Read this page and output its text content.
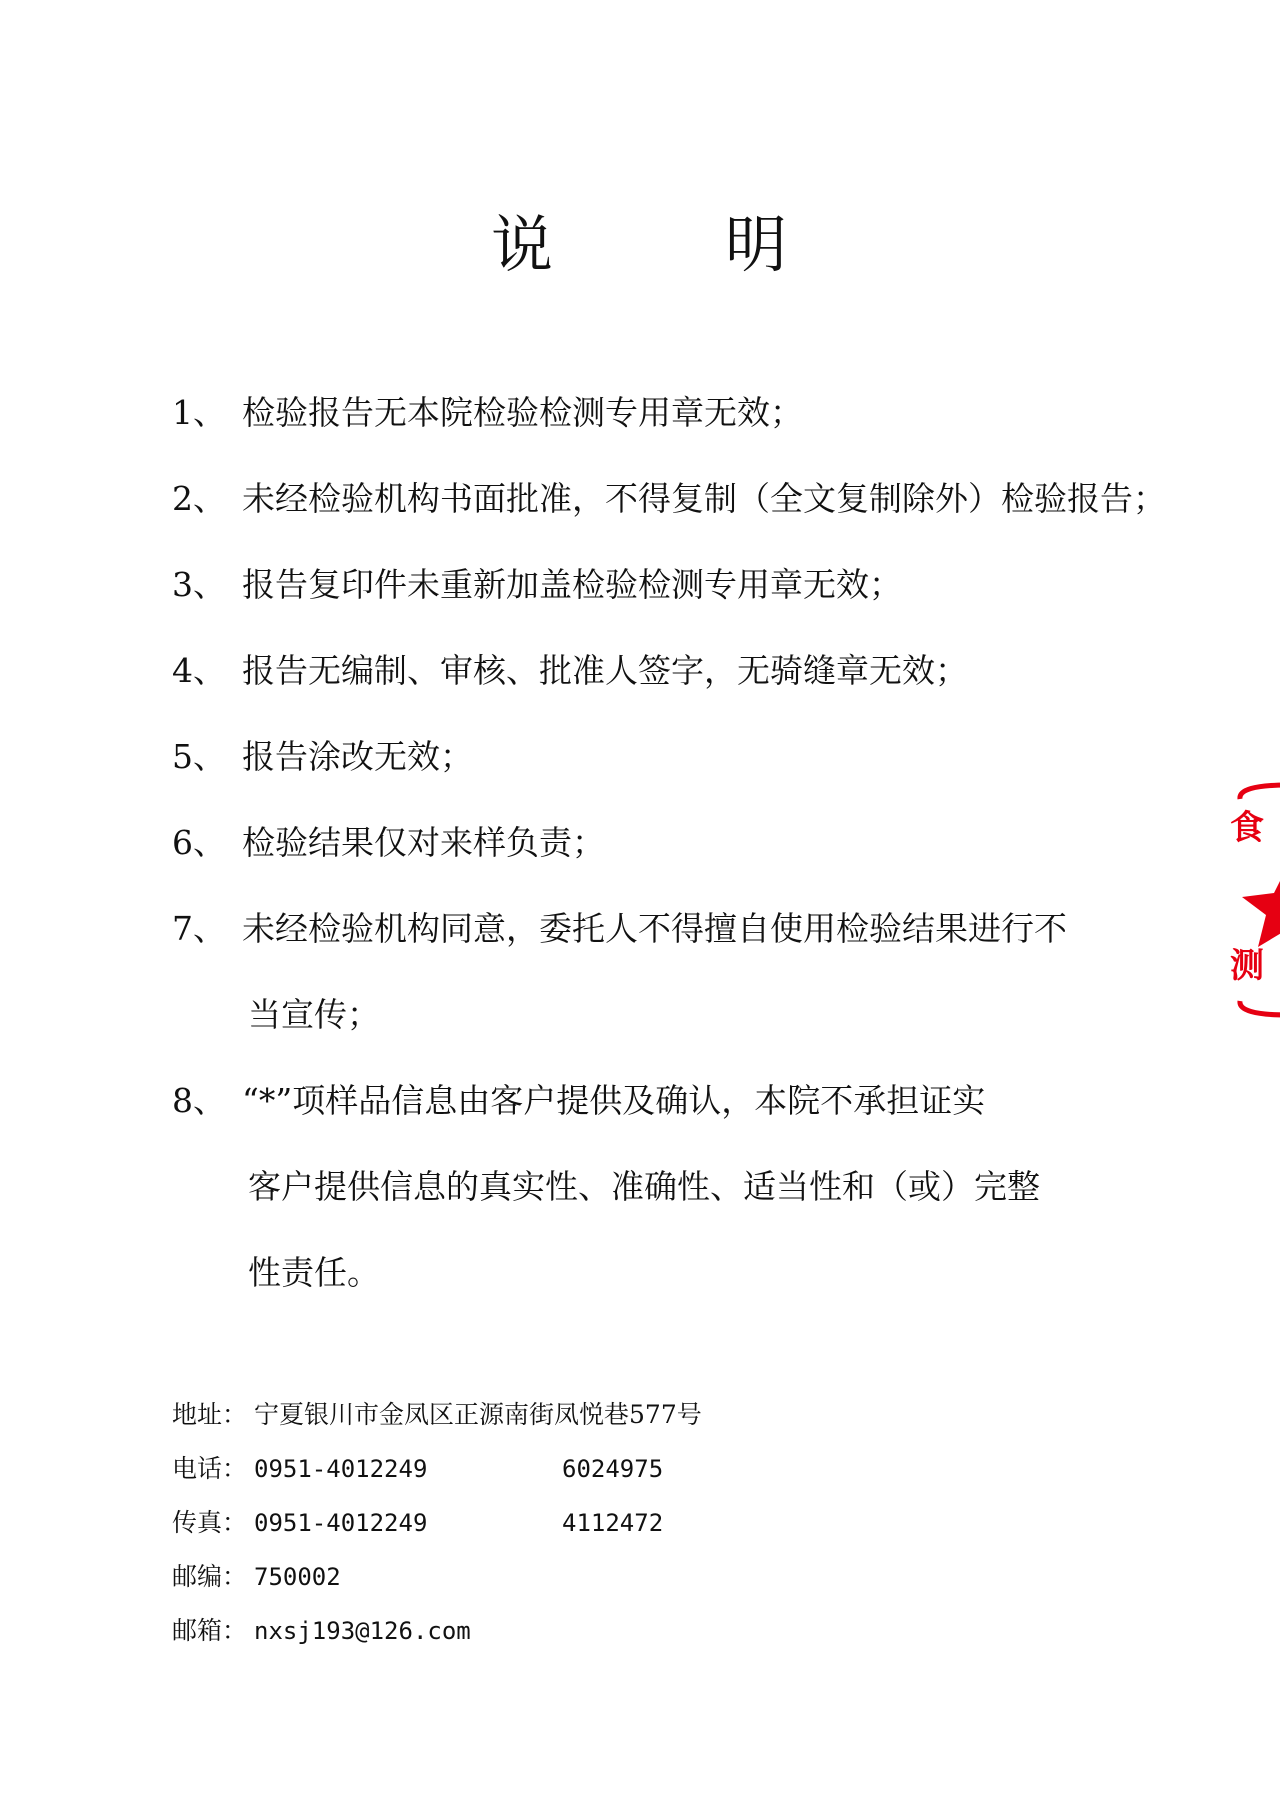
说	明
1、 检验报告无本院检验检测专用章无效；
2、 未经检验机构书面批准，不得复制（全文复制除外）检验报告；
3、 报告复印件未重新加盖检验检测专用章无效；
4、 报告无编制、审核、批准人签字，无骑缝章无效；
5、 报告涂改无效；
6、 检验结果仅对来样负责；
7、 未经检验机构同意，委托人不得擅自使用检验结果进行不
当宣传；
8、 “*”项样品信息由客户提供及确认，本院不承担证实
客户提供信息的真实性、准确性、适当性和（或）完整
性责任。
地址： 宁夏银川市金凤区正源南街凤悦巷577号
电话： 0951-4012249	6024975
传真： 0951-4012249	4112472
邮编： 750002
邮箱： nxsj193@126.com
食
测
